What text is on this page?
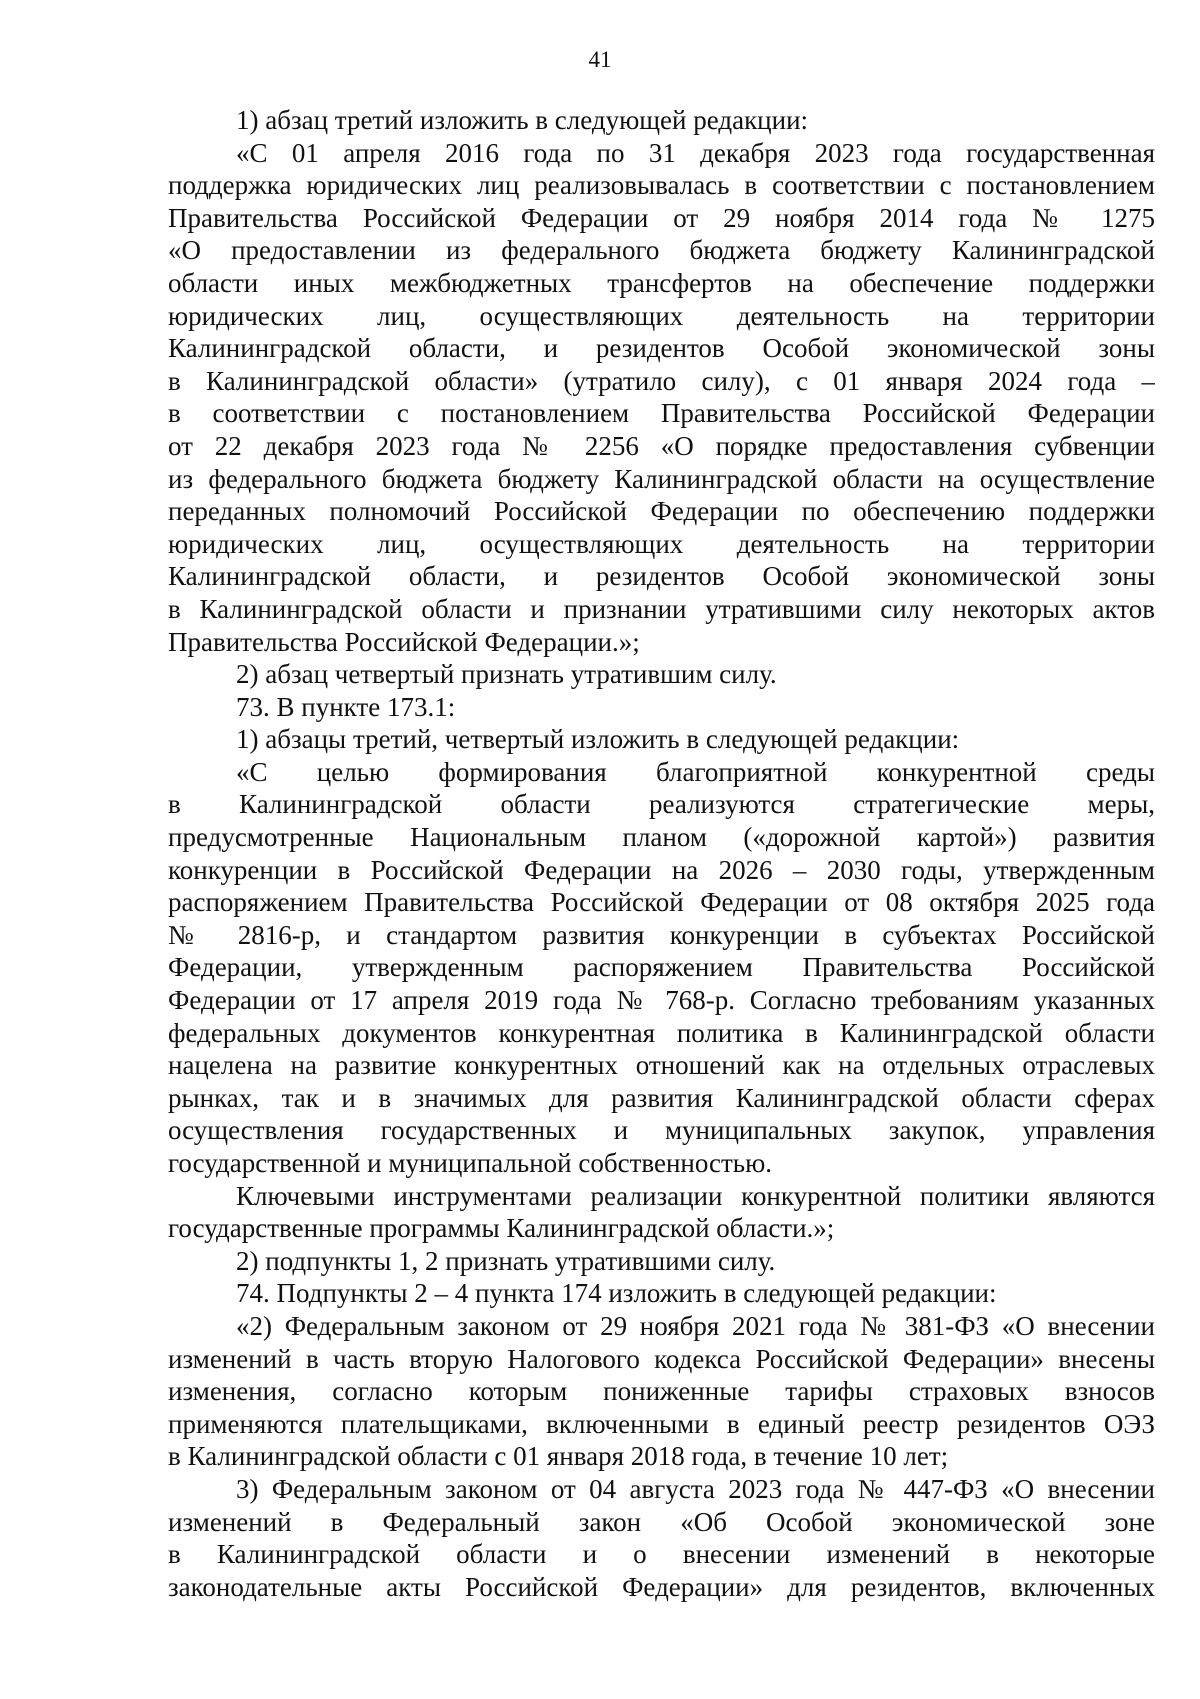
41
1) абзац третий изложить в следующей редакции:
«С 01 апреля 2016 года по 31 декабря 2023 года государственная
поддержка юридических лиц реализовывалась в соответствии с постановлением
Правительства Российской Федерации от 29 ноября 2014 года № 1275
«О предоставлении из федерального бюджета бюджету Калининградской
области иных межбюджетных трансфертов на обеспечение поддержки
юридических лиц, осуществляющих деятельность на территории
Калининградской области, и резидентов Особой экономической зоны
в Калининградской области» (утратило силу), с 01 января 2024 года –
в соответствии с постановлением Правительства Российской Федерации
от 22 декабря 2023 года № 2256 «О порядке предоставления субвенции
из федерального бюджета бюджету Калининградской области на осуществление
переданных полномочий Российской Федерации по обеспечению поддержки
юридических лиц, осуществляющих деятельность на территории
Калининградской области, и резидентов Особой экономической зоны
в Калининградской области и признании утратившими силу некоторых актов
Правительства Российской Федерации.»;
2) абзац четвертый признать утратившим силу.
73. В пункте 173.1:
1) абзацы третий, четвертый изложить в следующей редакции:
«С целью формирования благоприятной конкурентной среды
в Калининградской области реализуются стратегические меры,
предусмотренные Национальным планом («дорожной картой») развития
конкуренции в Российской Федерации на 2026 – 2030 годы, утвержденным
распоряжением Правительства Российской Федерации от 08 октября 2025 года
№ 2816-р, и стандартом развития конкуренции в субъектах Российской
Федерации, утвержденным распоряжением Правительства Российской
Федерации от 17 апреля 2019 года № 768-р. Согласно требованиям указанных
федеральных документов конкурентная политика в Калининградской области
нацелена на развитие конкурентных отношений как на отдельных отраслевых
рынках, так и в значимых для развития Калининградской области сферах
осуществления государственных и муниципальных закупок, управления
государственной и муниципальной собственностью.
Ключевыми инструментами реализации конкурентной политики являются
государственные программы Калининградской области.»;
2) подпункты 1, 2 признать утратившими силу.
74. Подпункты 2 – 4 пункта 174 изложить в следующей редакции:
«2) Федеральным законом от 29 ноября 2021 года № 381-ФЗ «О внесении
изменений в часть вторую Налогового кодекса Российской Федерации» внесены
изменения, согласно которым пониженные тарифы страховых взносов
применяются плательщиками, включенными в единый реестр резидентов ОЭЗ
в Калининградской области с 01 января 2018 года, в течение 10 лет;
3) Федеральным законом от 04 августа 2023 года № 447-ФЗ «О внесении
изменений в Федеральный закон «Об Особой экономической зоне
в Калининградской области и о внесении изменений в некоторые
законодательные акты Российской Федерации» для резидентов, включенных
